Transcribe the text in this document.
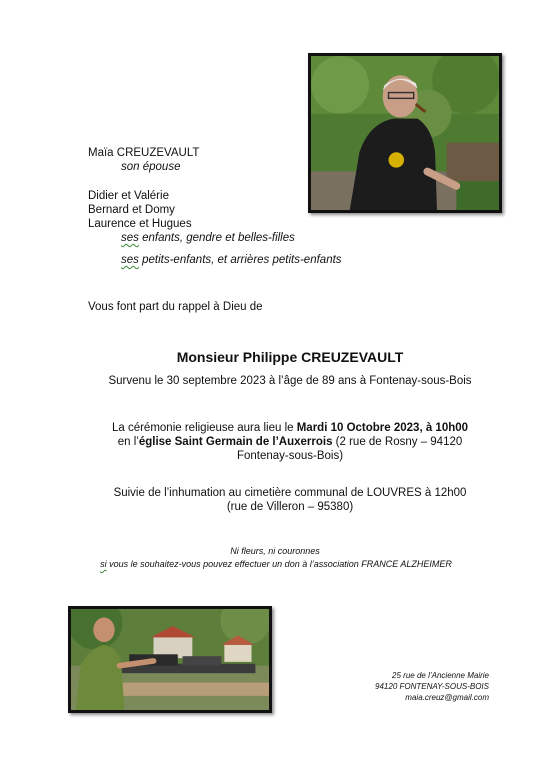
Maïa CREUZEVAULT
son épouse
Didier et Valérie
Bernard et Domy
Laurence et Hugues
ses enfants, gendre et belles-filles
ses petits-enfants, et arrières petits-enfants
Vous font part du rappel à Dieu de
Monsieur Philippe CREUZEVAULT
Survenu le 30 septembre 2023 à l’âge de 89 ans à Fontenay-sous-Bois
La cérémonie religieuse aura lieu le Mardi 10 Octobre 2023, à 10h00
en l’église Saint Germain de l’Auxerrois (2 rue de Rosny – 94120
Fontenay-sous-Bois)
Suivie de l’inhumation au cimetière communal de LOUVRES à 12h00
(rue de Villeron – 95380)
Ni fleurs, ni couronnes
si vous le souhaitez-vous pouvez effectuer un don à l’association FRANCE ALZHEIMER
25 rue de l’Ancienne Mairie
94120 FONTENAY-SOUS-BOIS
maia.creuz@gmail.com
